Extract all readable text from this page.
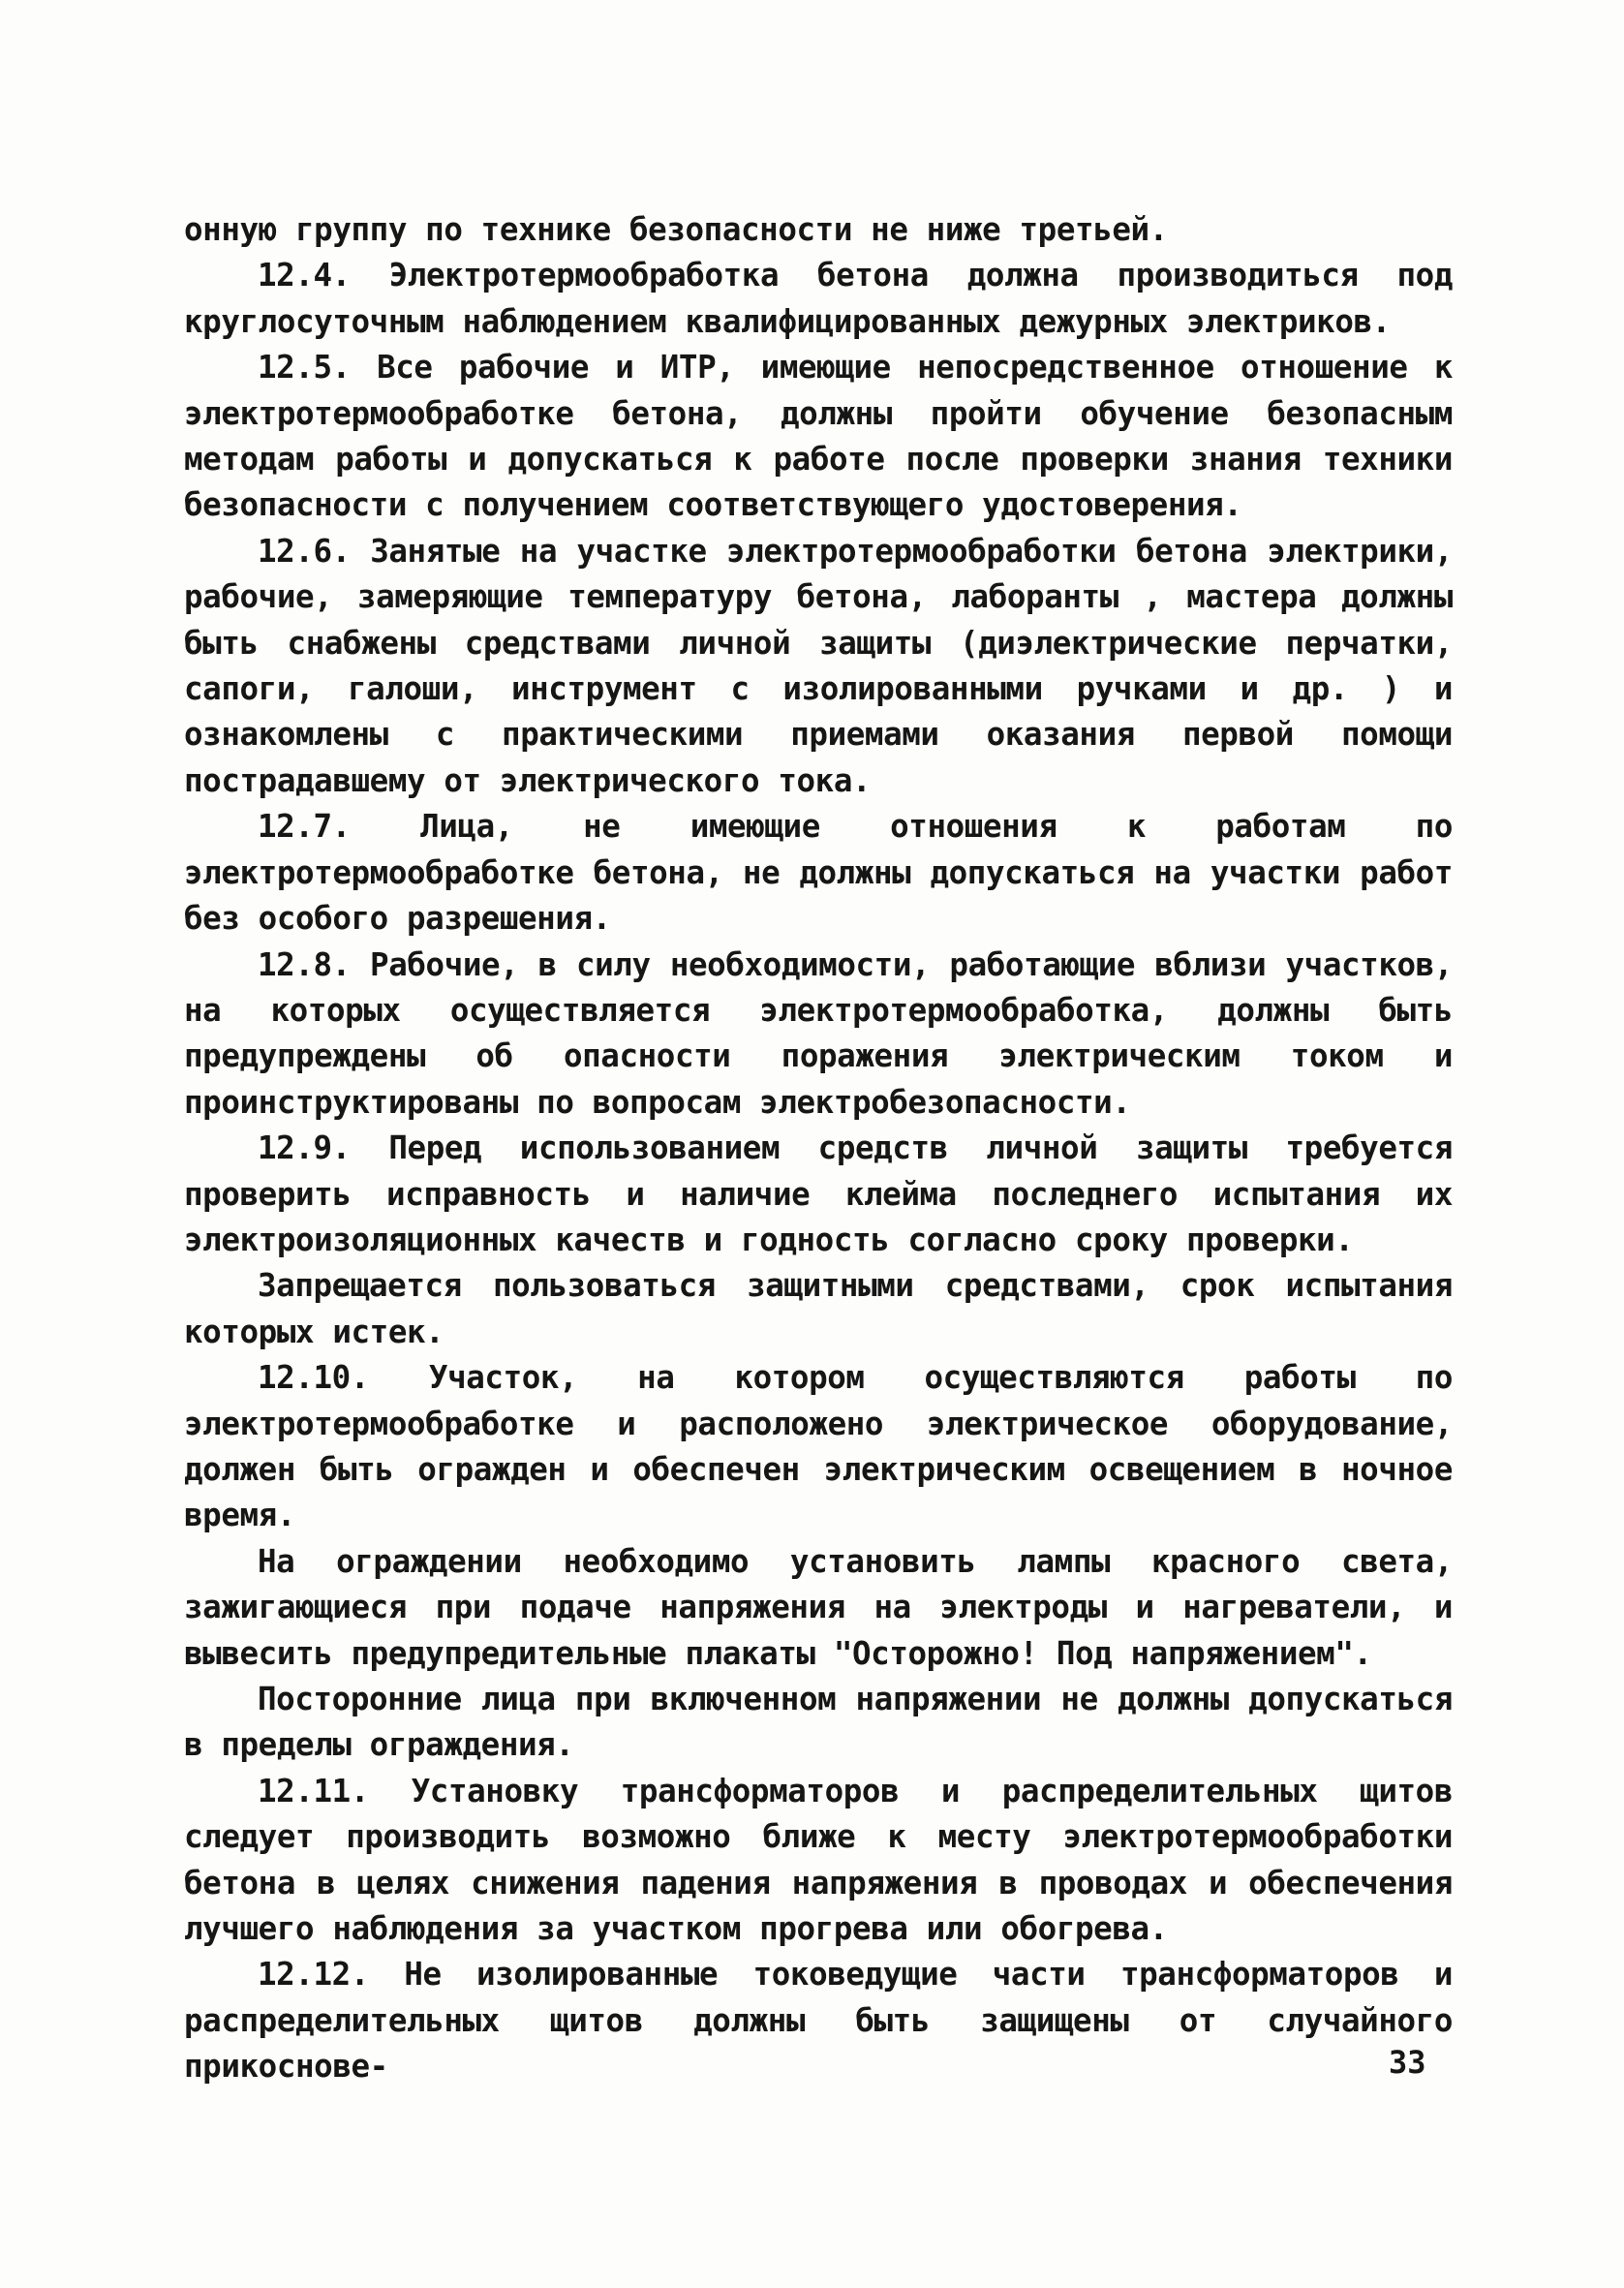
онную группу по технике безопасности не ниже третьей.

12.4. Электротермообработка бетона должна производиться под круглосуточным наблюдением квалифицированных дежурных электриков.

12.5. Все рабочие и ИТР, имеющие непосредственное отношение к электротермообработке бетона, должны пройти обучение безопасным методам работы и допускаться к работе после проверки знания техники безопасности с получением соответствующего удостоверения.

12.6. Занятые на участке электротермообработки бетона электрики, рабочие, замеряющие температуру бетона, лаборанты , мастера должны быть снабжены средствами личной защиты (диэлектрические перчатки, сапоги, галоши, инструмент с изолированными ручками и др. ) и ознакомлены с практическими приемами оказания первой помощи пострадавшему от электрического тока.

12.7. Лица, не имеющие отношения к работам по электротермообработке бетона, не должны допускаться на участки работ без особого разрешения.

12.8. Рабочие, в силу необходимости, работающие вблизи участков, на которых осуществляется электротермообработка, должны быть предупреждены об опасности поражения электрическим током и проинструктированы по вопросам электробезопасности.

12.9. Перед использованием средств личной защиты требуется проверить исправность и наличие клейма последнего испытания их электроизоляционных качеств и годность согласно сроку проверки.

Запрещается пользоваться защитными средствами, срок испытания которых истек.

12.10. Участок, на котором осуществляются работы по электротермообработке и расположено электрическое оборудование, должен быть огражден и обеспечен электрическим освещением в ночное время.

На ограждении необходимо установить лампы красного света, зажигающиеся при подаче напряжения на электроды и нагреватели, и вывесить предупредительные плакаты "Осторожно! Под напряжением".

Посторонние лица при включенном напряжении не должны допускаться в пределы ограждения.

12.11. Установку трансформаторов и распределительных щитов следует производить возможно ближе к месту электротермообработки бетона в целях снижения падения напряжения в проводах и обеспечения лучшего наблюдения за участком прогрева или обогрева.

12.12. Не изолированные токоведущие части трансформаторов и распределительных щитов должны быть защищены от случайного прикоснове-	33
